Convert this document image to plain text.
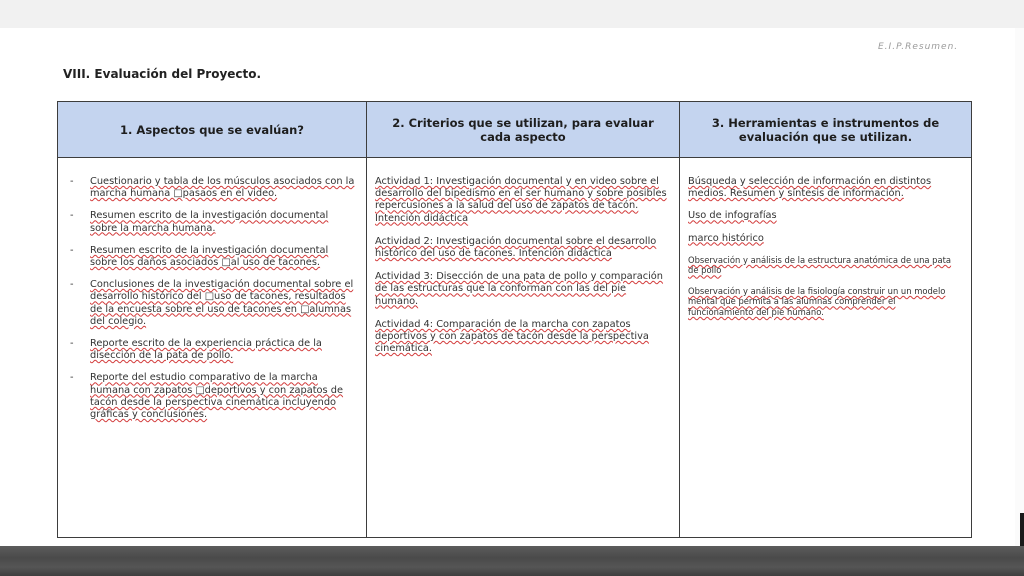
E.I.P.Resumen.
VIII. Evaluación del Proyecto.
1. Aspectos que se evalúan?	2. Criterios que se utilizan, para evaluar cada aspecto
3. Herramientas e instrumentos de evaluación que se utilizan.
- Cuestionario y tabla de los músculos asociados con la marcha humana □pasaos en el video.
- Resumen escrito de la investigación documental sobre la marcha humana.
- Resumen escrito de la investigación documental sobre los daños asociados □al uso de tacones.
- Conclusiones de la investigación documental sobre el desarrollo histórico del □uso de tacones, resultados de la encuesta sobre el uso de tacones en □alumnas del colegio.
- Reporte escrito de la experiencia práctica de la disección de la pata de pollo.
- Reporte del estudio comparativo de la marcha humana con zapatos □deportivos y con zapatos de tacón desde la perspectiva cinemática incluyendo gráficas y conclusiones.
Actividad 1: Investigación documental y en video sobre el desarrollo del bipedismo en el ser humano y sobre posibles repercusiones a la salud del uso de zapatos de tacón. Intención didáctica
Actividad 2: Investigación documental sobre el desarrollo histórico del uso de tacones. Intención didáctica
Actividad 3: Disección de una pata de pollo y comparación de las estructuras que la conforman con las del pie humano.
Actividad 4: Comparación de la marcha con zapatos deportivos y con zapatos de tacón desde la perspectiva cinemática.
Búsqueda y selección de información en distintos medios. Resumen y síntesis de información.
Uso de infografías
marco histórico
Observación y análisis de la estructura anatómica de una pata de pollo
Observación y análisis de la fisiología construir un un modelo mental que permita a las alumnas comprender el funcionamiento del pie humano.
